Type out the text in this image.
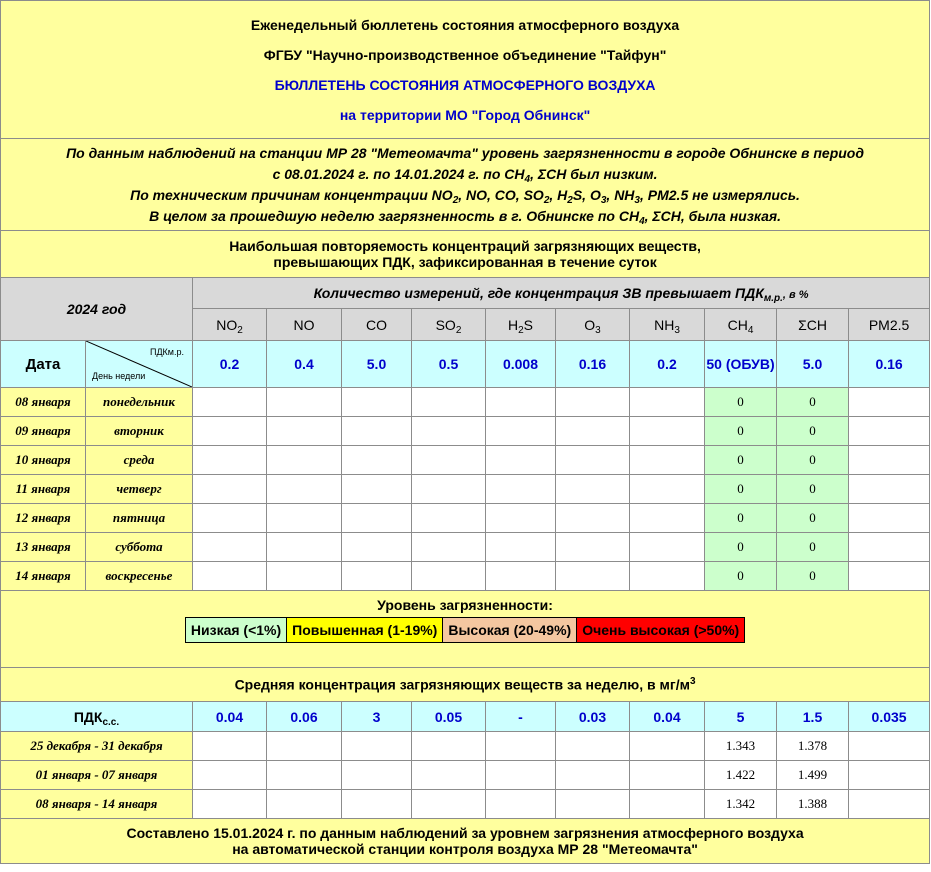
Еженедельный бюллетень состояния атмосферного воздуха

ФГБУ "Научно-производственное объединение "Тайфун"

БЮЛЛЕТЕНЬ СОСТОЯНИЯ АТМОСФЕРНОГО ВОЗДУХА

на территории МО "Город Обнинск"

По данным наблюдений на станции МР 28 "Метеомачта" уровень загрязненности в городе Обнинске в период
с 08.01.2024 г. по 14.01.2024 г. по $CH_4$, ΣCH был низким.
По техническим причинам концентрации $NO_2$, NO, CO, $SO_2$, $H_2S$, $O_3$, $NH_3$, PM2.5 не измерялись.
В целом за прошедшую неделю загрязненность в г. Обнинске по $CH_4$, ΣCH, была низкая.

Наибольшая повторяемость концентраций загрязняющих веществ,
превышающих ПДК, зафиксированная в течение суток

2024 год	Количество измерений, где концентрация ЗВ превышает $ПДК_{м.р.}$, в %
$NO_2$	NO	CO	$SO_2$	$H_2S$	$O_3$	$NH_3$	$CH_4$	ΣCH	PM2.5
Дата	
ПДКм.р.
День недели
	0.2	0.4	5.0	0.5	0.008	0.16	0.2	50 (ОБУВ)	5.0	0.16
08 января	понедельник								0	0	
09 января	вторник								0	0	
10 января	среда								0	0	
11 января	четверг								0	0	
12 января	пятница								0	0	
13 января	суббота								0	0	
14 января	воскресенье								0	0	

Уровень загрязненности:
Низкая (<1%)	Повышенная (1-19%)	Высокая (20-49%)	Очень высокая (>50%)

Средняя концентрация загрязняющих веществ за неделю, в $мг/м^3$
$ПДК_{с.с.}$	0.04	0.06	3	0.05	-	0.03	0.04	5	1.5	0.035
25 декабря - 31 декабря								1.343	1.378	
01 января - 07 января								1.422	1.499	
08 января - 14 января								1.342	1.388	

Составлено 15.01.2024 г. по данным наблюдений за уровнем загрязнения атмосферного воздуха
на автоматической станции контроля воздуха МР 28 "Метеомачта"
